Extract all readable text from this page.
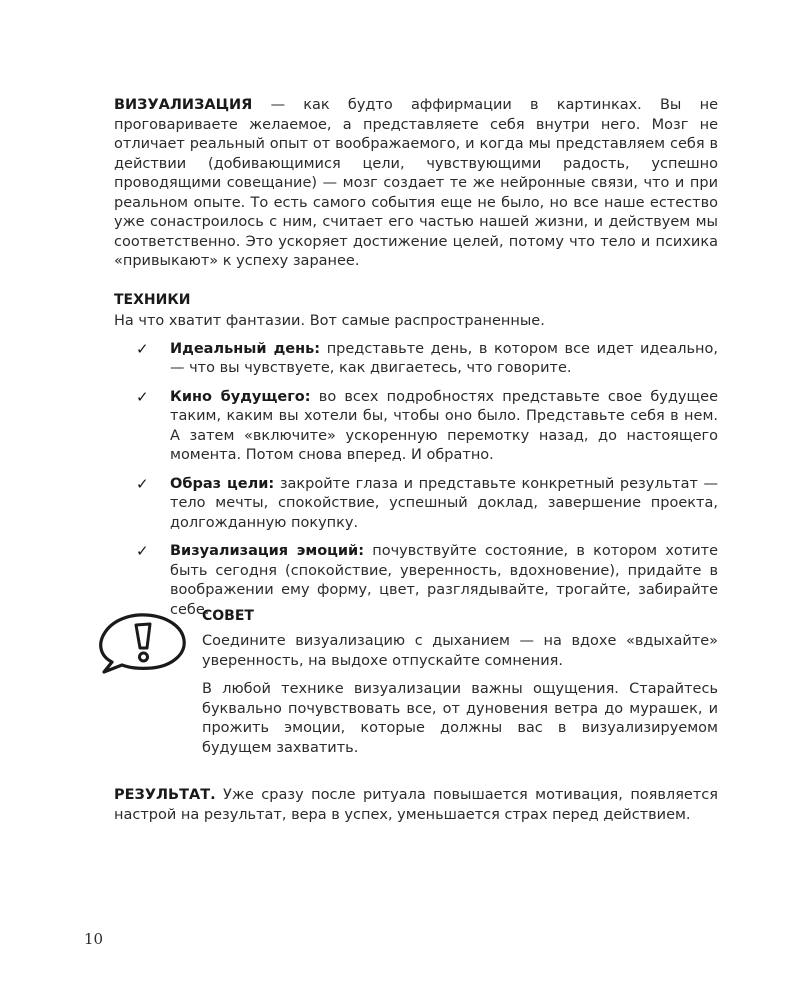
ВИЗУАЛИЗАЦИЯ — как будто аффирмации в картинках. Вы не проговариваете желаемое, а представляете себя внутри него. Мозг не отличает реальный опыт от воображаемого, и когда мы представляем себя в действии (добивающимися цели, чувствующими радость, успешно проводящими совещание) — мозг создает те же нейронные связи, что и при реальном опыте. То есть самого события еще не было, но все наше естество уже сонастроилось с ним, считает его частью нашей жизни, и действуем мы соответственно. Это ускоряет достижение целей, потому что тело и психика «привыкают» к успеху заранее.

ТЕХНИКИ

На что хватит фантазии. Вот самые распространенные.

✓ Идеальный день: представьте день, в котором все идет идеально, — что вы чувствуете, как двигаетесь, что говорите.

✓ Кино будущего: во всех подробностях представьте свое будущее таким, каким вы хотели бы, чтобы оно было. Представьте себя в нем. А затем «включите» ускоренную перемотку назад, до настоящего момента. Потом снова вперед. И обратно.

✓ Образ цели: закройте глаза и представьте конкретный результат — тело мечты, спокойствие, успешный доклад, завершение проекта, долгожданную покупку.

✓ Визуализация эмоций: почувствуйте состояние, в котором хотите быть сегодня (спокойствие, уверенность, вдохновение), придайте в воображении ему форму, цвет, разглядывайте, трогайте, забирайте себе.

СОВЕТ

Соедините визуализацию с дыханием — на вдохе «вдыхайте» уверенность, на выдохе отпускайте сомнения.

В любой технике визуализации важны ощущения. Старайтесь буквально почувствовать все, от дуновения ветра до мурашек, и прожить эмоции, которые должны вас в визуализируемом будущем захватить.

РЕЗУЛЬТАТ. Уже сразу после ритуала повышается мотивация, появляется настрой на результат, вера в успех, уменьшается страх перед действием.

10
